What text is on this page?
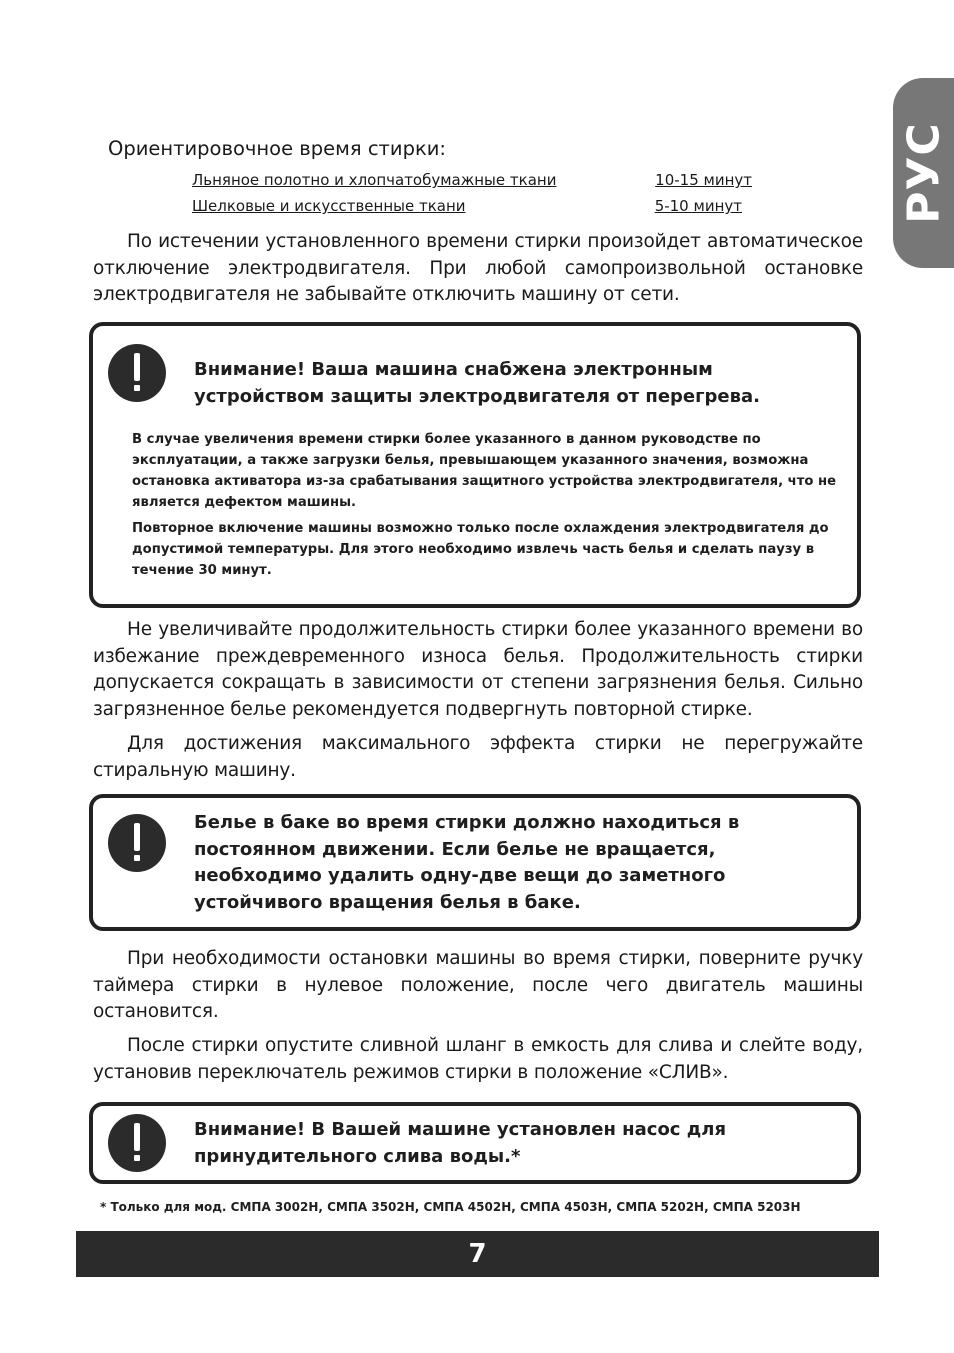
РУС

Ориентировочное время стирки:

Льняное полотно и хлопчатобумажные ткани	10-15 минут
Шелковые и искусственные ткани	5-10 минут

По истечении установленного времени стирки произойдет автоматическое отключение электродвигателя. При любой самопроизвольной остановке электродвигателя не забывайте отключить машину от сети.

Внимание! Ваша машина снабжена электронным устройством защиты электродвигателя от перегрева.

В случае увеличения времени стирки более указанного в данном руководстве по эксплуатации, а также загрузки белья, превышающем указанного значения, возможна остановка активатора из-за срабатывания защитного устройства электродвигателя, что не является дефектом машины.

Повторное включение машины возможно только после охлаждения электродвигателя до допустимой температуры. Для этого необходимо извлечь часть белья и сделать паузу в течение 30 минут.

Не увеличивайте продолжительность стирки более указанного времени во избежание преждевременного износа белья. Продолжительность стирки допускается сокращать в зависимости от степени загрязнения белья. Сильно загрязненное белье рекомендуется подвергнуть повторной стирке.

Для достижения максимального эффекта стирки не перегружайте стиральную машину.

Белье в баке во время стирки должно находиться в постоянном движении. Если белье не вращается, необходимо удалить одну-две вещи до заметного устойчивого вращения белья в баке.

При необходимости остановки машины во время стирки, поверните ручку таймера стирки в нулевое положение, после чего двигатель машины остановится.

После стирки опустите сливной шланг в емкость для слива и слейте воду, установив переключатель режимов стирки в положение «СЛИВ».

Внимание! В Вашей машине установлен насос для принудительного слива воды.*

* Только для мод. СМПА 3002Н, СМПА 3502Н, СМПА 4502Н, СМПА 4503Н, СМПА 5202Н, СМПА 5203Н

7
